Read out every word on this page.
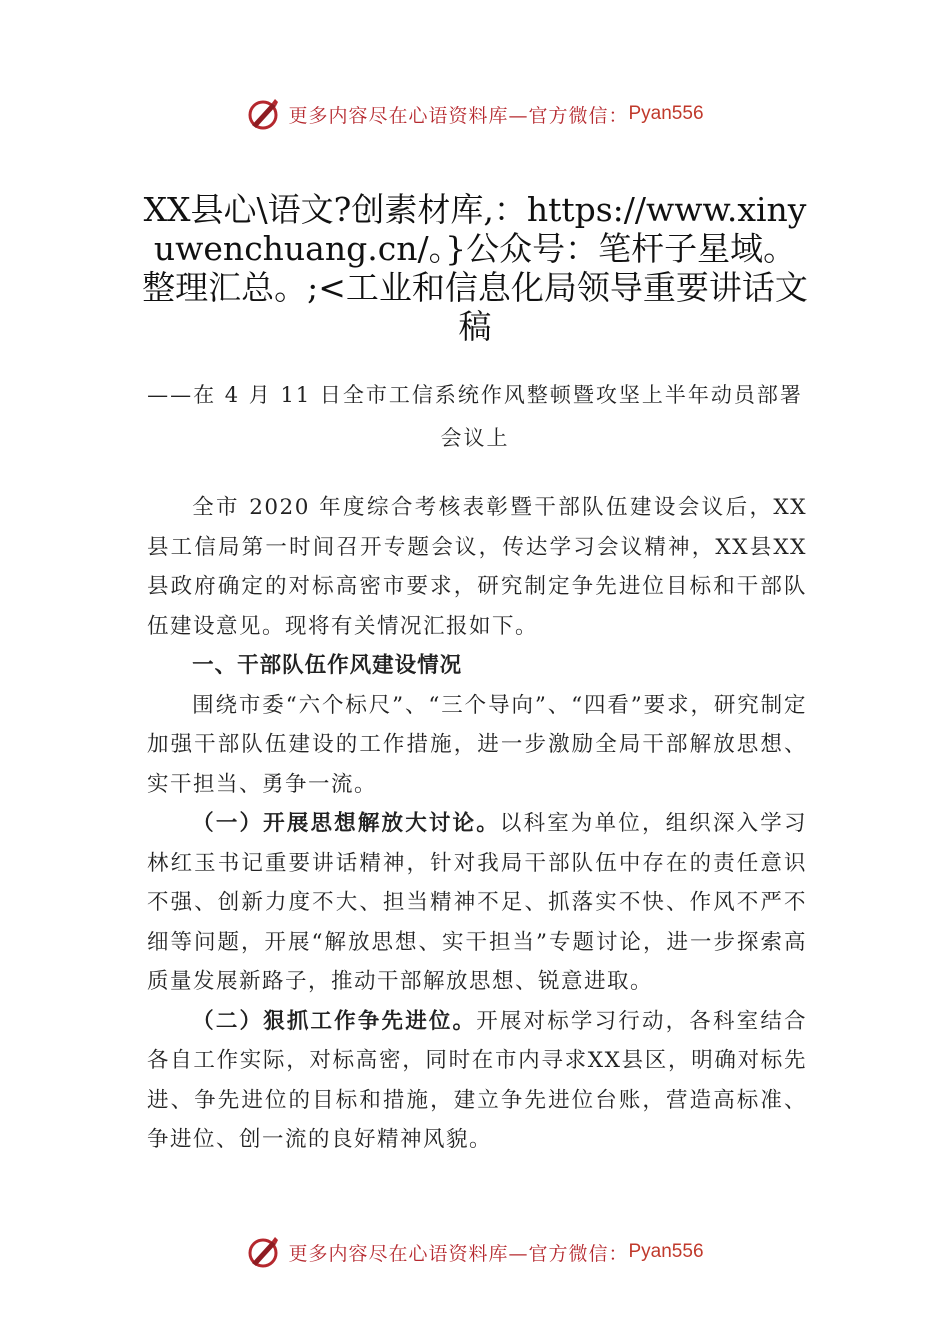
更多内容尽在心语资料库—官方微信： Pyan556
XX县心\语文?创素材库,：https://www.xinyuwenchuang.cn/。}公众号：笔杆子星域。整理汇总。;<工业和信息化局领导重要讲话文稿
——在 4 月 11 日全市工信系统作风整顿暨攻坚上半年动员部署会议上

全市 2020 年度综合考核表彰暨干部队伍建设会议后，XX县工信局第一时间召开专题会议，传达学习会议精神，XX县XX县政府确定的对标高密市要求，研究制定争先进位目标和干部队伍建设意见。现将有关情况汇报如下。

一、干部队伍作风建设情况

围绕市委“六个标尺”、“三个导向”、“四看”要求，研究制定加强干部队伍建设的工作措施，进一步激励全局干部解放思想、实干担当、勇争一流。

（一）开展思想解放大讨论。以科室为单位，组织深入学习林红玉书记重要讲话精神，针对我局干部队伍中存在的责任意识不强、创新力度不大、担当精神不足、抓落实不快、作风不严不细等问题，开展“解放思想、实干担当”专题讨论，进一步探索高质量发展新路子，推动干部解放思想、锐意进取。

（二）狠抓工作争先进位。开展对标学习行动，各科室结合各自工作实际，对标高密，同时在市内寻求XX县区，明确对标先进、争先进位的目标和措施，建立争先进位台账，营造高标准、争进位、创一流的良好精神风貌。

更多内容尽在心语资料库—官方微信： Pyan556
